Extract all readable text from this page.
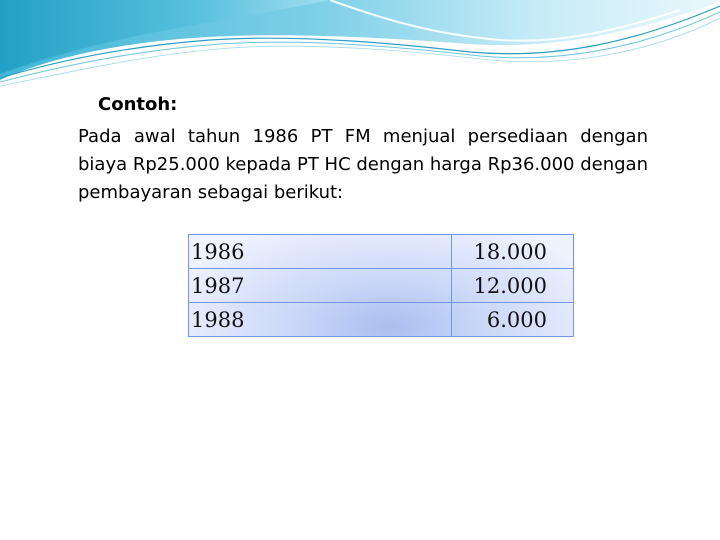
Contoh:
Pada awal tahun 1986 PT FM menjual persediaan dengan biaya Rp25.000 kepada PT HC dengan harga Rp36.000 dengan pembayaran sebagai berikut:
1986	18.000
1987	12.000
1988	6.000
